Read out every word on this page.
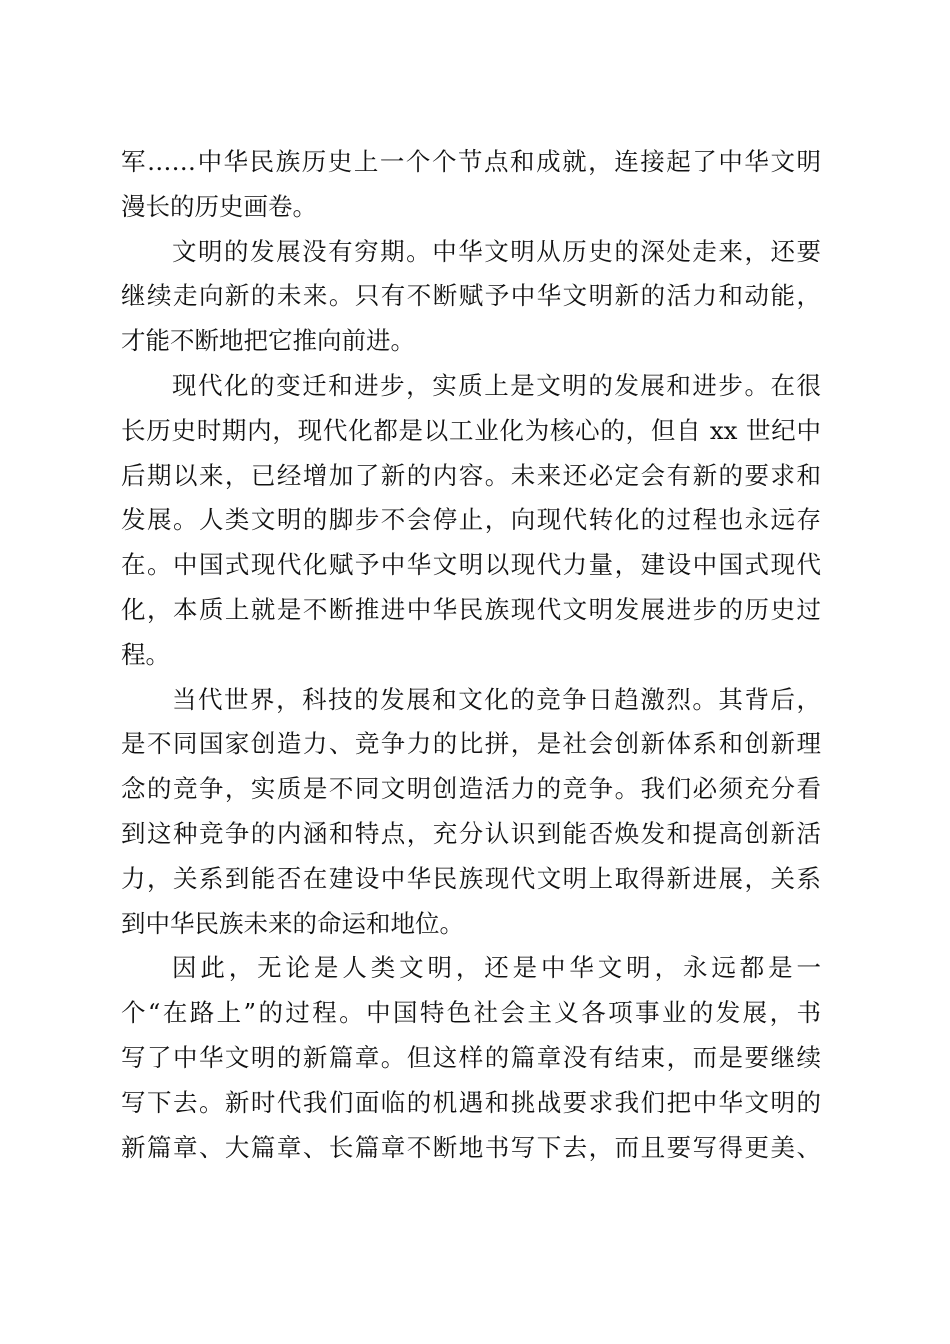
军……中华民族历史上一个个节点和成就，连接起了中华文明
漫长的历史画卷。
文明的发展没有穷期。中华文明从历史的深处走来，还要
继续走向新的未来。只有不断赋予中华文明新的活力和动能，
才能不断地把它推向前进。
现代化的变迁和进步，实质上是文明的发展和进步。在很
长历史时期内，现代化都是以工业化为核心的，但自 xx 世纪中
后期以来，已经增加了新的内容。未来还必定会有新的要求和
发展。人类文明的脚步不会停止，向现代转化的过程也永远存
在。中国式现代化赋予中华文明以现代力量，建设中国式现代
化，本质上就是不断推进中华民族现代文明发展进步的历史过
程。
当代世界，科技的发展和文化的竞争日趋激烈。其背后，
是不同国家创造力、竞争力的比拼，是社会创新体系和创新理
念的竞争，实质是不同文明创造活力的竞争。我们必须充分看
到这种竞争的内涵和特点，充分认识到能否焕发和提高创新活
力，关系到能否在建设中华民族现代文明上取得新进展，关系
到中华民族未来的命运和地位。
因此，无论是人类文明，还是中华文明，永远都是一
个“在路上”的过程。中国特色社会主义各项事业的发展，书
写了中华文明的新篇章。但这样的篇章没有结束，而是要继续
写下去。新时代我们面临的机遇和挑战要求我们把中华文明的
新篇章、大篇章、长篇章不断地书写下去，而且要写得更美、
